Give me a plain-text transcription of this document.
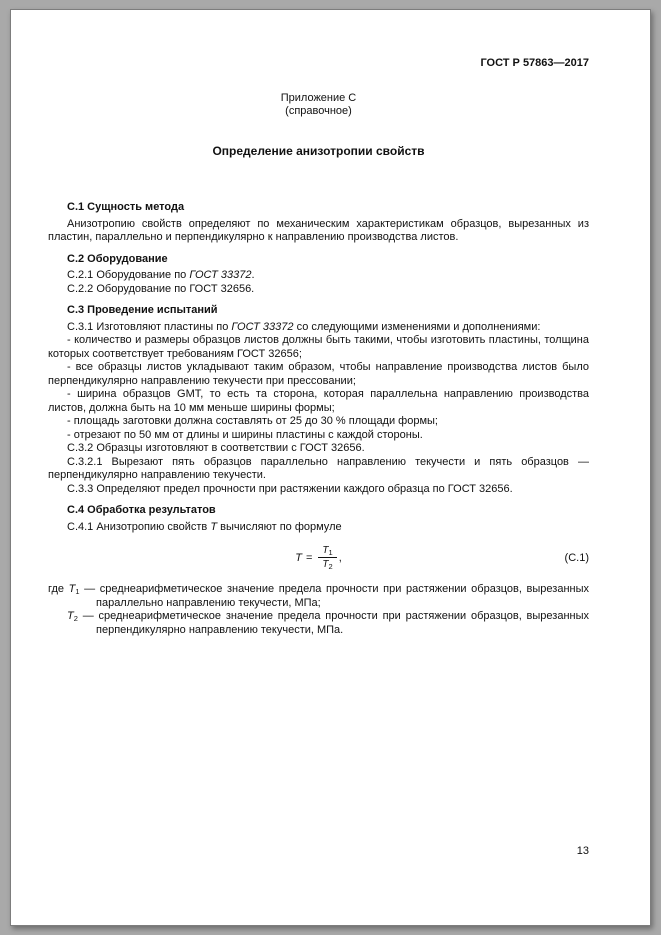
ГОСТ Р 57863—2017
Приложение С
(справочное)
Определение анизотропии свойств

С.1 Сущность метода

Анизотропию свойств определяют по механическим характеристикам образцов, вырезанных из пластин, параллельно и перпендикулярно к направлению производства листов.

С.2 Оборудование

С.2.1 Оборудование по ГОСТ 33372.

С.2.2 Оборудование по ГОСТ 32656.

С.3 Проведение испытаний

С.3.1 Изготовляют пластины по ГОСТ 33372 со следующими изменениями и дополнениями:

- количество и размеры образцов листов должны быть такими, чтобы изготовить пластины, толщина которых соответствует требованиям ГОСТ 32656;

- все образцы листов укладывают таким образом, чтобы направление производства листов было перпендикулярно направлению текучести при прессовании;

- ширина образцов GMT, то есть та сторона, которая параллельна направлению производства листов, должна быть на 10 мм меньше ширины формы;

- площадь заготовки должна составлять от 25 до 30 % площади формы;

- отрезают по 50 мм от длины и ширины пластины с каждой стороны.

С.3.2 Образцы изготовляют в соответствии с ГОСТ 32656.

С.3.2.1 Вырезают пять образцов параллельно направлению текучести и пять образцов — перпендикулярно направлению текучести.

С.3.3 Определяют предел прочности при растяжении каждого образца по ГОСТ 32656.

С.4 Обработка результатов

С.4.1 Анизотропию свойств Т вычисляют по формуле

$Т = \frac{Т_1}{Т_2}$ ,	(С.1)

где $Т_1$ — среднеарифметическое значение предела прочности при растяжении образцов, вырезанных параллельно направлению текучести, МПа;

$Т_2$ — среднеарифметическое значение предела прочности при растяжении образцов, вырезанных перпендикулярно направлению текучести, МПа.

13
